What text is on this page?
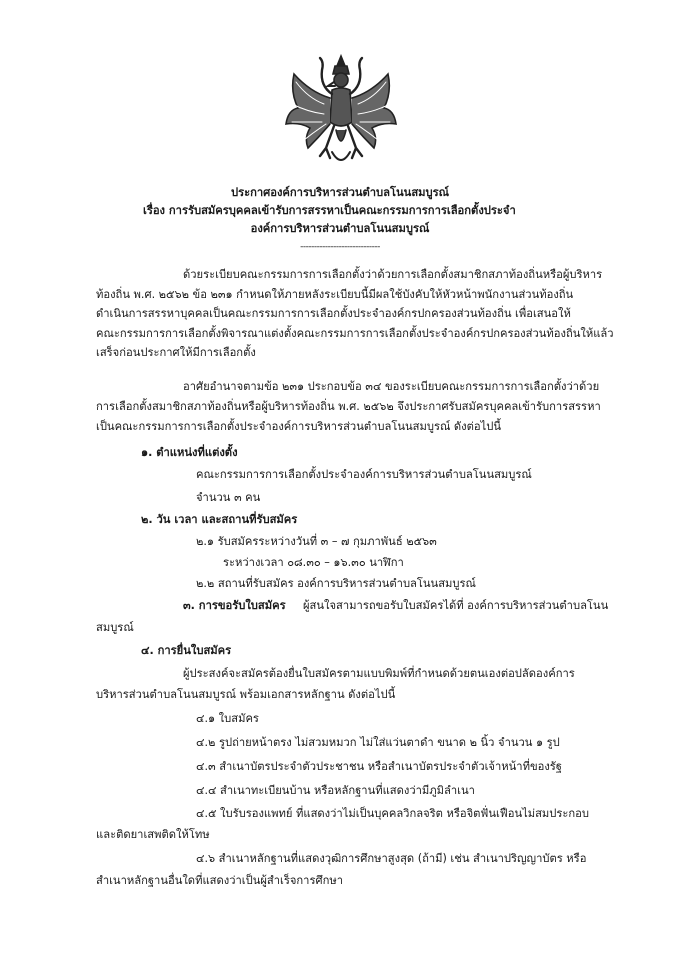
ประกาศองค์การบริหารส่วนตำบลโนนสมบูรณ์
เรื่อง การรับสมัครบุคคลเข้ารับการสรรหาเป็นคณะกรรมการการเลือกตั้งประจำ
องค์การบริหารส่วนตำบลโนนสมบูรณ์
-----------------------------
ด้วยระเบียบคณะกรรมการการเลือกตั้งว่าด้วยการเลือกตั้งสมาชิกสภาท้องถิ่นหรือผู้บริหาร
ท้องถิ่น พ.ศ. ๒๕๖๒ ข้อ ๒๓๑ กำหนดให้ภายหลังระเบียบนี้มีผลใช้บังคับให้หัวหน้าพนักงานส่วนท้องถิ่น
ดำเนินการสรรหาบุคคลเป็นคณะกรรมการการเลือกตั้งประจำองค์กรปกครองส่วนท้องถิ่น เพื่อเสนอให้
คณะกรรมการการเลือกตั้งพิจารณาแต่งตั้งคณะกรรมการการเลือกตั้งประจำองค์กรปกครองส่วนท้องถิ่นให้แล้ว
เสร็จก่อนประกาศให้มีการเลือกตั้ง
อาศัยอำนาจตามข้อ ๒๓๑ ประกอบข้อ ๓๔ ของระเบียบคณะกรรมการการเลือกตั้งว่าด้วย
การเลือกตั้งสมาชิกสภาท้องถิ่นหรือผู้บริหารท้องถิ่น พ.ศ. ๒๕๖๒ จึงประกาศรับสมัครบุคคลเข้ารับการสรรหา
เป็นคณะกรรมการการเลือกตั้งประจำองค์การบริหารส่วนตำบลโนนสมบูรณ์ ดังต่อไปนี้
๑. ตำแหน่งที่แต่งตั้ง
คณะกรรมการการเลือกตั้งประจำองค์การบริหารส่วนตำบลโนนสมบูรณ์
จำนวน ๓ คน
๒. วัน เวลา และสถานที่รับสมัคร
๒.๑ รับสมัครระหว่างวันที่ ๓ – ๗ กุมภาพันธ์ ๒๕๖๓
ระหว่างเวลา ๐๘.๓๐ – ๑๖.๓๐ นาฬิกา
๒.๒ สถานที่รับสมัคร องค์การบริหารส่วนตำบลโนนสมบูรณ์
๓. การขอรับใบสมัคร ผู้สนใจสามารถขอรับใบสมัครได้ที่ องค์การบริหารส่วนตำบลโนน
สมบูรณ์
๔. การยื่นใบสมัคร
ผู้ประสงค์จะสมัครต้องยื่นใบสมัครตามแบบพิมพ์ที่กำหนดด้วยตนเองต่อปลัดองค์การ
บริหารส่วนตำบลโนนสมบูรณ์ พร้อมเอกสารหลักฐาน ดังต่อไปนี้
๔.๑ ใบสมัคร
๔.๒ รูปถ่ายหน้าตรง ไม่สวมหมวก ไม่ใส่แว่นตาดำ ขนาด ๒ นิ้ว จำนวน ๑ รูป
๔.๓ สำเนาบัตรประจำตัวประชาชน หรือสำเนาบัตรประจำตัวเจ้าหน้าที่ของรัฐ
๔.๔ สำเนาทะเบียนบ้าน หรือหลักฐานที่แสดงว่ามีภูมิลำเนา
๔.๕ ใบรับรองแพทย์ ที่แสดงว่าไม่เป็นบุคคลวิกลจริต หรือจิตฟั่นเฟือนไม่สมประกอบ
และติดยาเสพติดให้โทษ
๔.๖ สำเนาหลักฐานที่แสดงวุฒิการศึกษาสูงสุด (ถ้ามี) เช่น สำเนาปริญญาบัตร หรือ
สำเนาหลักฐานอื่นใดที่แสดงว่าเป็นผู้สำเร็จการศึกษา
